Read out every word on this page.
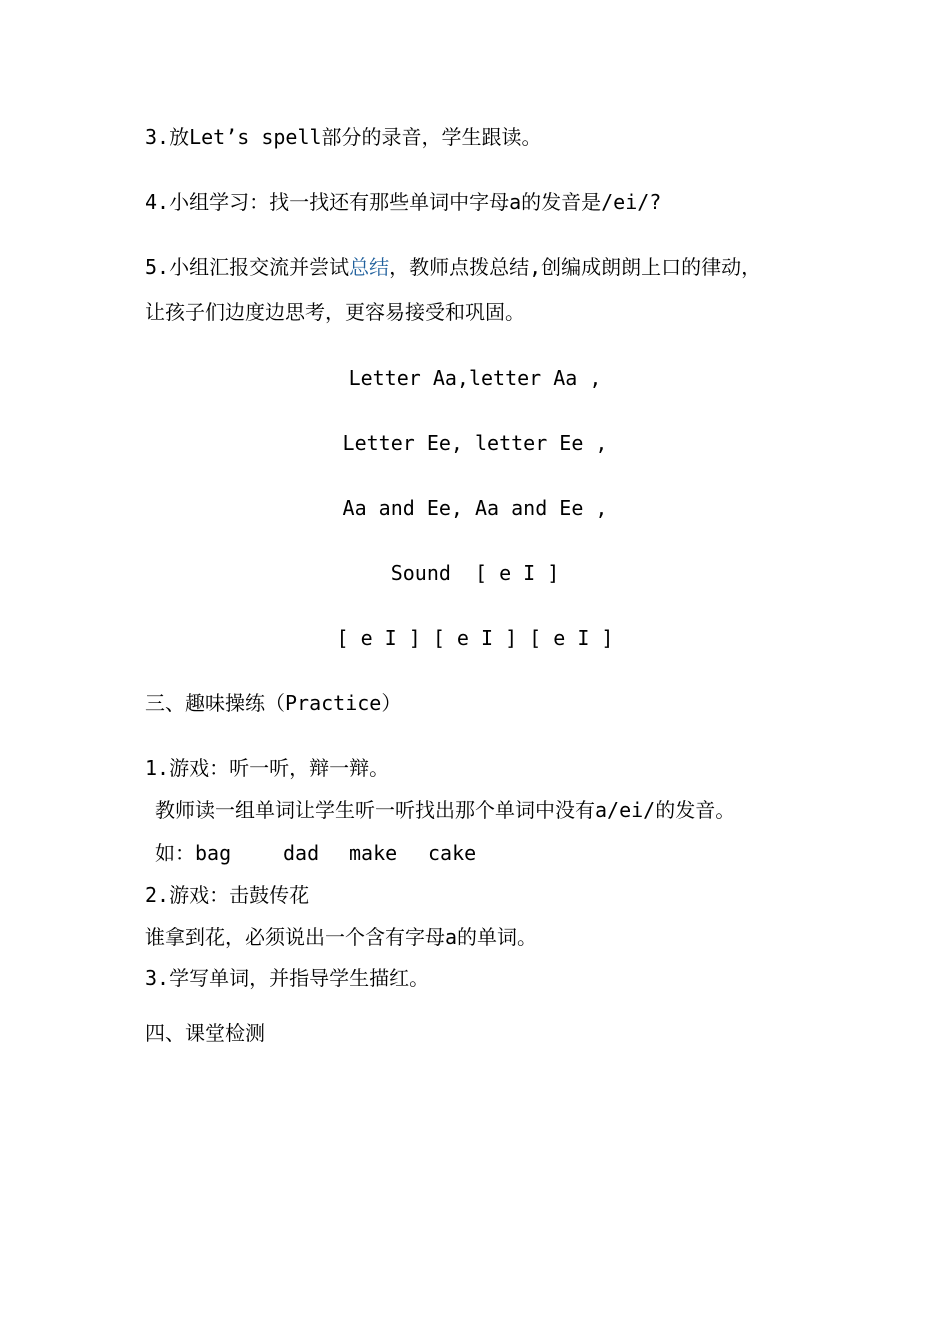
3.放Let’s spell部分的录音，学生跟读。
4.小组学习：找一找还有那些单词中字母a的发音是/ei/?
5.小组汇报交流并尝试总结，教师点拨总结,创编成朗朗上口的律动，
让孩子们边度边思考，更容易接受和巩固。
Letter Aa,letter Aa ,
Letter Ee, letter Ee ,
Aa and Ee, Aa and Ee ,
Sound  [ e I ]
[ e I ] [ e I ] [ e I ]
三、趣味操练（Practice）
1.游戏：听一听，辩一辩。
教师读一组单词让学生听一听找出那个单词中没有a/ei/的发音。
如：bag	dad make cake
2.游戏：击鼓传花
谁拿到花，必须说出一个含有字母a的单词。
3.学写单词，并指导学生描红。
四、课堂检测
